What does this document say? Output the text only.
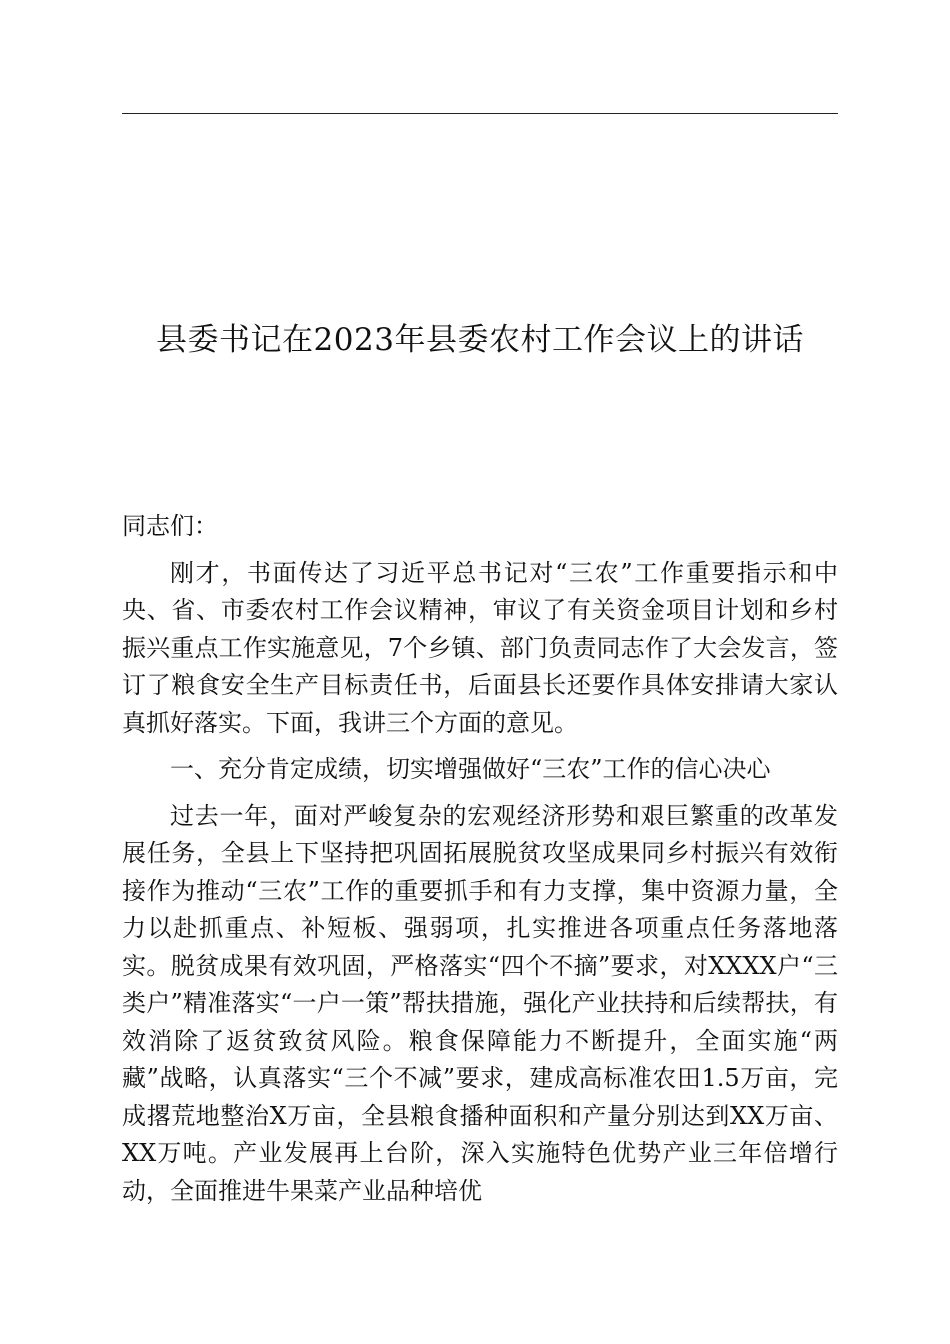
县委书记在2023年县委农村工作会议上的讲话

同志们：

刚才，书面传达了习近平总书记对“三农”工作重要指示和中央、省、市委农村工作会议精神，审议了有关资金项目计划和乡村振兴重点工作实施意见，7个乡镇、部门负责同志作了大会发言，签订了粮食安全生产目标责任书，后面县长还要作具体安排请大家认真抓好落实。下面，我讲三个方面的意见。

一、充分肯定成绩，切实增强做好“三农”工作的信心决心

过去一年，面对严峻复杂的宏观经济形势和艰巨繁重的改革发展任务，全县上下坚持把巩固拓展脱贫攻坚成果同乡村振兴有效衔接作为推动“三农”工作的重要抓手和有力支撑，集中资源力量，全力以赴抓重点、补短板、强弱项，扎实推进各项重点任务落地落实。脱贫成果有效巩固，严格落实“四个不摘”要求，对XXXX户“三类户”精准落实“一户一策”帮扶措施，强化产业扶持和后续帮扶，有效消除了返贫致贫风险。粮食保障能力不断提升，全面实施“两藏”战略，认真落实“三个不减”要求，建成高标准农田1.5万亩，完成撂荒地整治X万亩，全县粮食播种面积和产量分别达到XX万亩、XX万吨。产业发展再上台阶，深入实施特色优势产业三年倍增行动，全面推进牛果菜产业品种培优
